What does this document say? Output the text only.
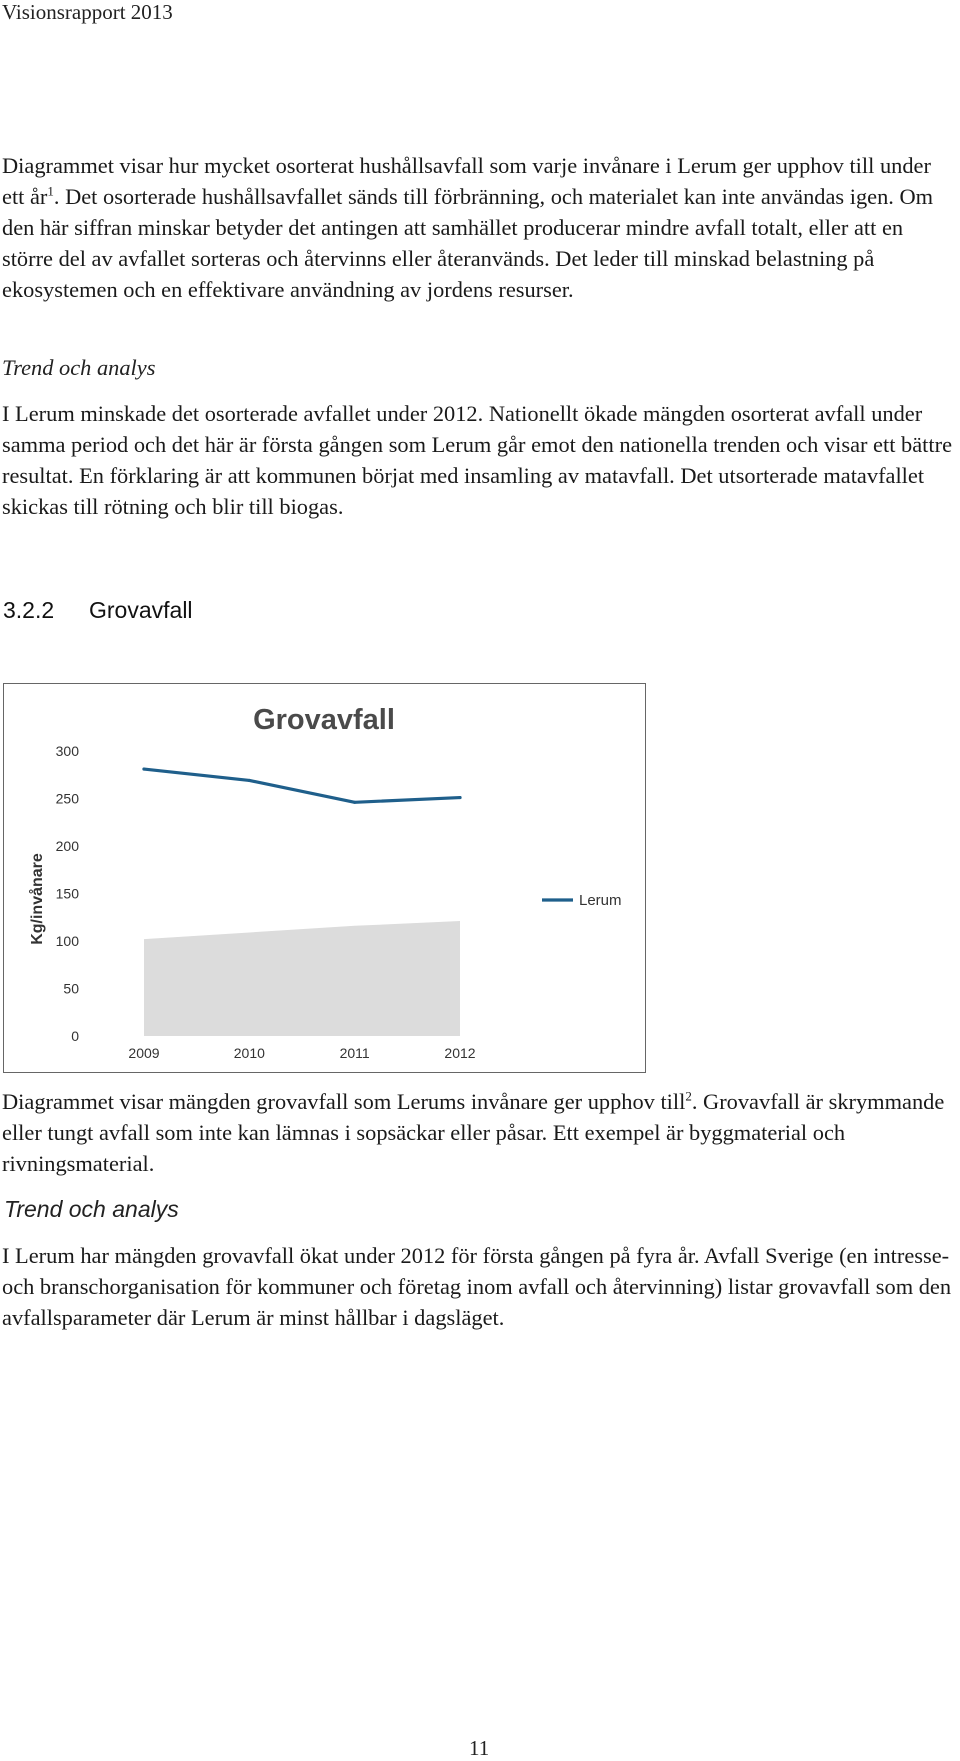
Visionsrapport 2013

Diagrammet visar hur mycket osorterat hushållsavfall som varje invånare i Lerum ger upphov till under ett $år^1$. Det osorterade hushållsavfallet sänds till förbränning, och materialet kan inte användas igen. Om den här siffran minskar betyder det antingen att samhället producerar mindre avfall totalt, eller att en större del av avfallet sorteras och återvinns eller återanvänds. Det leder till minskad belastning på ekosystemen och en effektivare användning av jordens resurser.

Trend och analys

I Lerum minskade det osorterade avfallet under 2012. Nationellt ökade mängden osorterat avfall under samma period och det här är första gången som Lerum går emot den nationella trenden och visar ett bättre resultat. En förklaring är att kommunen börjat med insamling av matavfall. Det utsorterade matavfallet skickas till rötning och blir till biogas.

3.2.2 Grovavfall
Grovavfall
0
50
100
150
200
250
300
2009	2010	2011	2012
Kg/invånare	Lerum

Diagrammet visar mängden grovavfall som Lerums invånare ger upphov till$^2$. Grovavfall är skrymmande eller tungt avfall som inte kan lämnas i sopsäckar eller påsar. Ett exempel är byggmaterial och rivningsmaterial.

Trend och analys

I Lerum har mängden grovavfall ökat under 2012 för första gången på fyra år. Avfall Sverige (en intresse- och branschorganisation för kommuner och företag inom avfall och återvinning) listar grovavfall som den avfallsparameter där Lerum är minst hållbar i dagsläget.

11
